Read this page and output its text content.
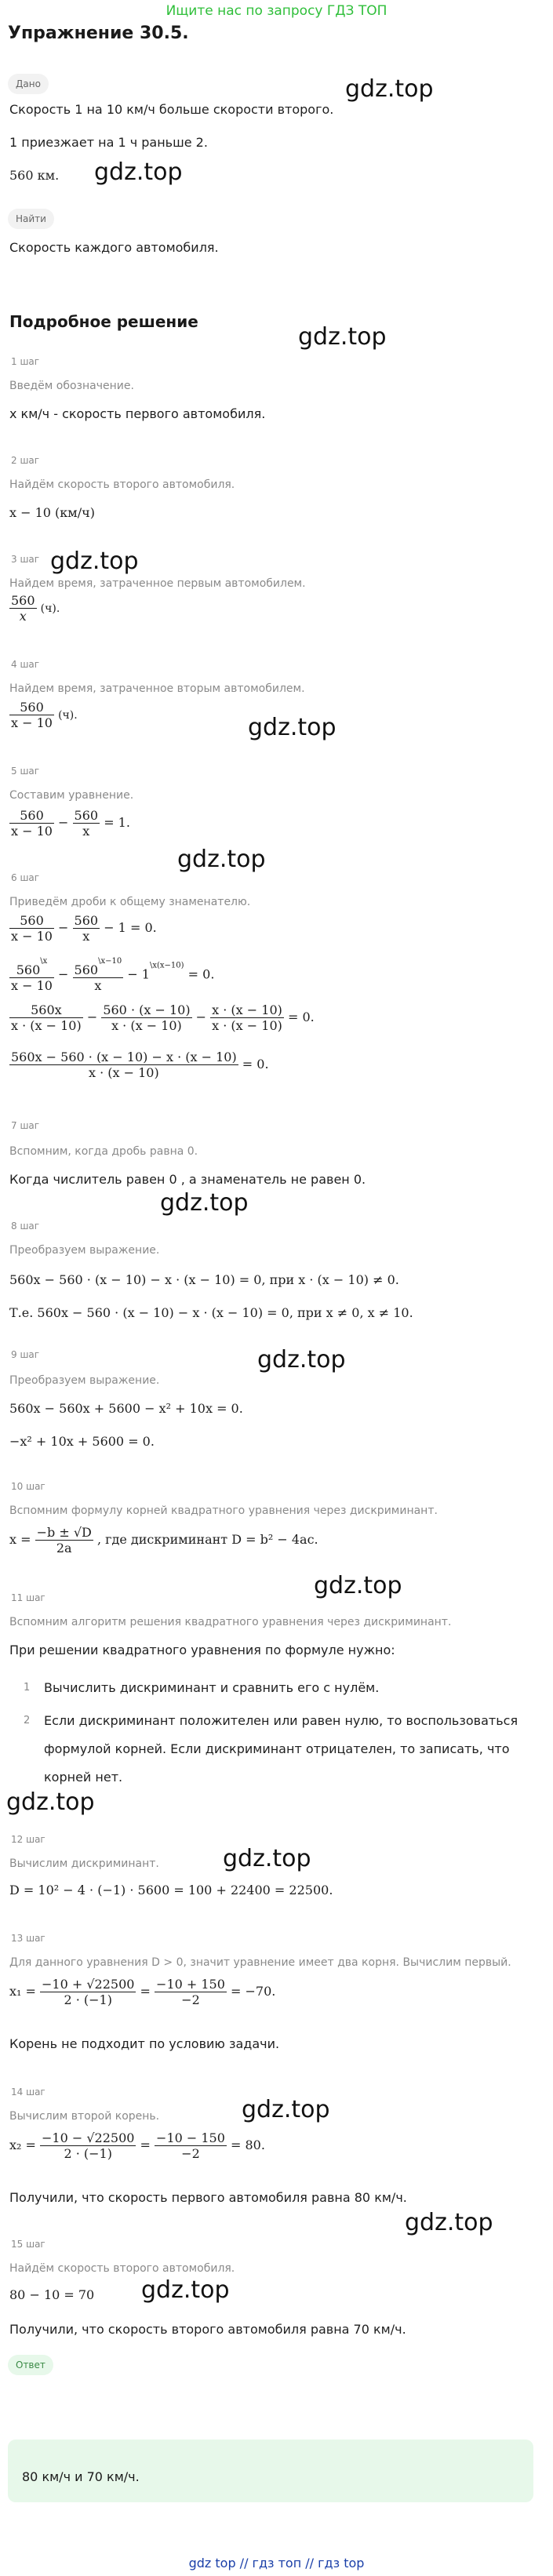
Ищите нас по запросу ГДЗ ТОП
Упражнение 30.5.
Дано
Скорость 1 на 10 км/ч больше скорости второго.
1 приезжает на 1 ч раньше 2.
560 км.
Найти
Скорость каждого автомобиля.
Подробное решение
1 шаг
Введём обозначение.
x км/ч - скорость первого автомобиля.
2 шаг
Найдём скорость второго автомобиля.
x − 10 (км/ч)
3 шаг
Найдем время, затраченное первым автомобилем.
$\frac{560}{x} (ч)$.
4 шаг
Найдем время, затраченное вторым автомобилем.
$\frac{560}{x - 10} (ч)$.
5 шаг
Составим уравнение.
$\frac{560}{x - 10} - \frac{560}{x} = 1$.
6 шаг
Приведём дроби к общему знаменателю.
$\frac{560}{x - 10} - \frac{560}{x} - 1 = 0$.
$\frac{560^{\backslash x}}{x - 10} - \frac{560^{\backslash x-10}}{x} - 1^{\backslash x(x-10)} = 0$.
$\frac{560x}{x \cdot (x - 10)} - \frac{560 \cdot (x - 10)}{x \cdot (x - 10)} - \frac{x \cdot (x - 10)}{x \cdot (x - 10)} = 0$.
$\frac{560x - 560 \cdot (x - 10) - x \cdot (x - 10)}{x \cdot (x - 10)} = 0$.
7 шаг
Вспомним, когда дробь равна 0.
Когда числитель равен 0 , а знаменатель не равен 0.
8 шаг
Преобразуем выражение.
560x − 560 · (x − 10) − x · (x − 10) = 0, при x · (x − 10) ≠ 0.
Т.е. 560x − 560 · (x − 10) − x · (x − 10) = 0, при x ≠ 0, x ≠ 10.
9 шаг
Преобразуем выражение.
560x − 560x + 5600 − x² + 10x = 0.
−x² + 10x + 5600 = 0.
10 шаг
Вспомним формулу корней квадратного уравнения через дискриминант.
$x = \frac{-b \pm √D}{2a}$ , где дискриминант D = b² − 4ac.
11 шаг
Вспомним алгоритм решения квадратного уравнения через дискриминант.
При решении квадратного уравнения по формуле нужно:
1 Вычислить дискриминант и сравнить его с нулём.
2 Если дискриминант положителен или равен нулю, то воспользоваться
формулой корней. Если дискриминант отрицателен, то записать, что
корней нет.
12 шаг
Вычислим дискриминант.
D = 10² − 4 · (−1) · 5600 = 100 + 22400 = 22500.
13 шаг
Для данного уравнения D > 0, значит уравнение имеет два корня. Вычислим первый.
$x_1 = \frac{-10 + √22500}{2 \cdot (-1)} = \frac{-10 + 150}{-2} = -70$.
Корень не подходит по условию задачи.
14 шаг
Вычислим второй корень.
$x_2 = \frac{-10 - √22500}{2 \cdot (-1)} = \frac{-10 - 150}{-2} = 80$.
Получили, что скорость первого автомобиля равна 80 км/ч.
15 шаг
Найдём скорость второго автомобиля.
80 − 10 = 70
Получили, что скорость второго автомобиля равна 70 км/ч.
Ответ
80 км/ч и 70 км/ч.
gdz.top
gdz.top
gdz.top
gdz.top
gdz.top
gdz.top
gdz.top
gdz.top
gdz.top
gdz.top
gdz.top
gdz.top
gdz.top
gdz.top
gdz top // гдз топ // гдз top
